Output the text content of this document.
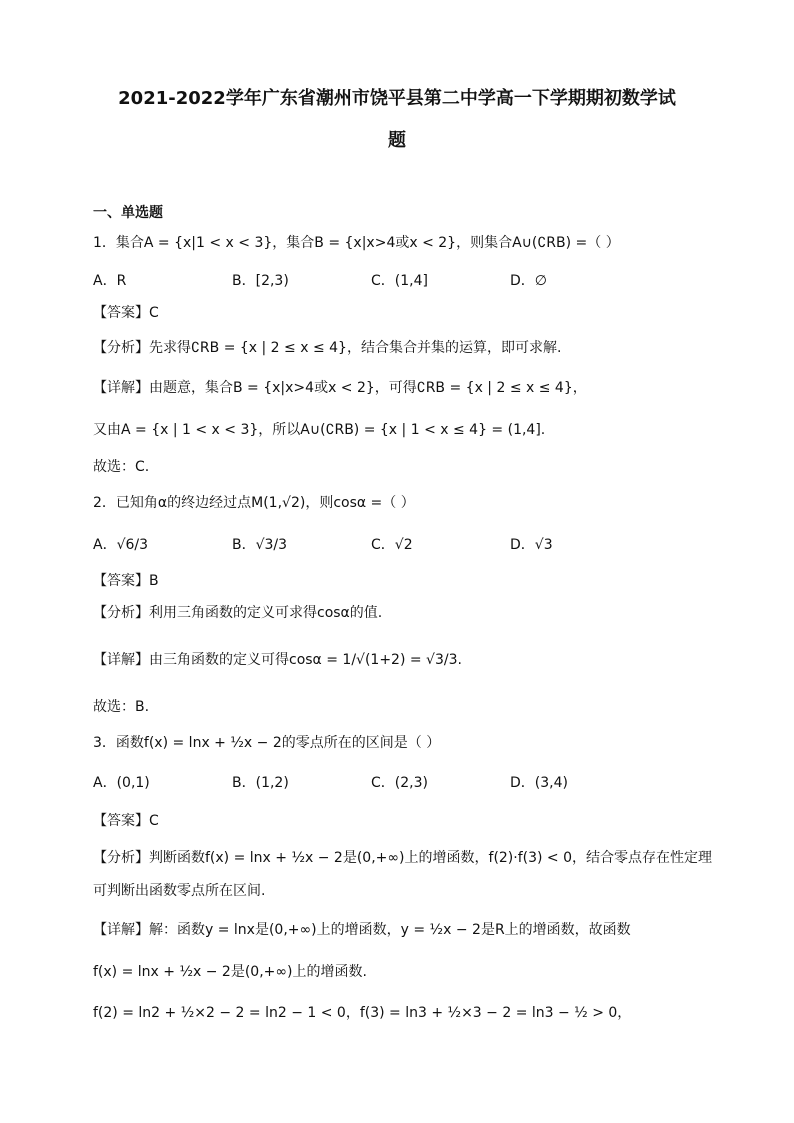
2021-2022学年广东省潮州市饶平县第二中学高一下学期期初数学试
题
一、单选题
1．集合A = {x|1 < x < 3}，集合B = {x|x>4或x < 2}，则集合A∪(∁RB) =（ ）
A．R	B．[2,3)	C．(1,4]	D．∅
【答案】C
【分析】先求得∁RB = {x | 2 ≤ x ≤ 4}，结合集合并集的运算，即可求解.
【详解】由题意，集合B = {x|x>4或x < 2}，可得∁RB = {x | 2 ≤ x ≤ 4}，
又由A = {x | 1 < x < 3}，所以A∪(∁RB) = {x | 1 < x ≤ 4} = (1,4].
故选：C.
2．已知角α的终边经过点M(1,√2)，则cosα =（ ）
A．√6/3	B．√3/3	C．√2	D．√3
【答案】B
【分析】利用三角函数的定义可求得cosα的值.
【详解】由三角函数的定义可得cosα = 1/√(1+2) = √3/3.
故选：B.
3．函数f(x) = lnx + ½x − 2的零点所在的区间是（ ）
A．(0,1)	B．(1,2)	C．(2,3)	D．(3,4)
【答案】C
【分析】判断函数f(x) = lnx + ½x − 2是(0,+∞)上的增函数，f(2)·f(3) < 0，结合零点存在性定理
可判断出函数零点所在区间.
【详解】解：函数y = lnx是(0,+∞)上的增函数，y = ½x − 2是R上的增函数，故函数
f(x) = lnx + ½x − 2是(0,+∞)上的增函数.
f(2) = ln2 + ½×2 − 2 = ln2 − 1 < 0，f(3) = ln3 + ½×3 − 2 = ln3 − ½ > 0，
